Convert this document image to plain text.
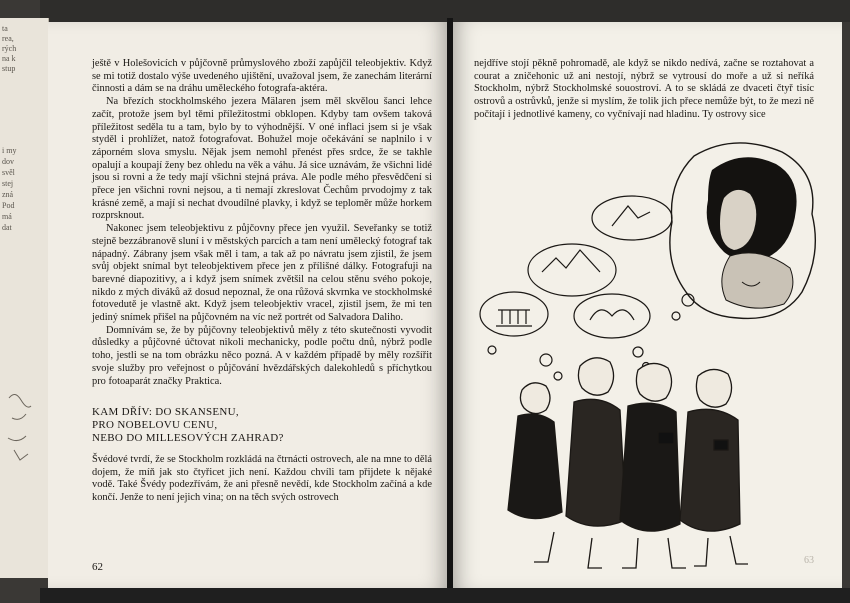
ta
rea,
rých
na k
stup
i my
dov
svěl
stej
zná
Pod
má
dat

ještě v Holešovicích v půjčovně průmyslového zboží zapůjčil teleobjektiv. Když se mi totiž dostalo výše uvedeného ujištění, uvažoval jsem, že zanechám literární činnosti a dám se na dráhu uměleckého fotografa-aktéra.

Na březích stockholmského jezera Mälaren jsem měl skvělou šanci lehce začít, protože jsem byl těmi příležitostmi obklopen. Kdyby tam ovšem taková příležitost seděla tu a tam, bylo by to výhodnější. V oné inflaci jsem si je však styděl i prohlížet, natož fotografovat. Bohužel moje očekávání se naplnilo i v záporném slova smyslu. Nějak jsem nemohl přenést přes srdce, že se takhle opalují a koupají ženy bez ohledu na věk a váhu. Já sice uznávám, že všichni lidé jsou si rovni a že tedy mají všichni stejná práva. Ale podle mého přesvědčení si přece jen všichni rovni nejsou, a ti nemají zkreslovat Čechům prvodojmy z tak krásné země, a mají si nechat dvoudílné plavky, i když se teploměr může horkem rozprsknout.

Nakonec jsem teleobjektivu z půjčovny přece jen využil. Seveřanky se totiž stejně bezzábranově sluní i v městských parcích a tam není umělecký fotograf tak nápadný. Zábrany jsem však měl i tam, a tak až po návratu jsem zjistil, že jsem svůj objekt snímal byt teleobjektivem přece jen z přílišné dálky. Fotografuji na barevné diapozitivy, a i když jsem snímek zvětšil na celou stěnu svého pokoje, nikdo z mých diváků až dosud nepoznal, že ona růžová skvrnka ve stockholmské fotovedutě je vlastně akt. Když jsem teleobjektiv vracel, zjistil jsem, že mi ten jediný snímek přišel na půjčovném na víc než portrét od Salvadora Daliho.

Domnívám se, že by půjčovny teleobjektivů měly z této skutečnosti vyvodit důsledky a půjčovné účtovat nikoli mechanicky, podle počtu dnů, nýbrž podle toho, jestli se na tom obrázku něco pozná. A v každém případě by měly rozšířit svoje služby pro veřejnost o půjčování hvězdářských dalekohledů s příchytkou pro fotoaparát značky Praktica.

KAM DŘÍV: DO SKANSENU,
PRO NOBELOVU CENU,
NEBO DO MILLESOVÝCH ZAHRAD?

Švédové tvrdí, že se Stockholm rozkládá na čtrnácti ostrovech, ale na mne to dělá dojem, že míň jak sto čtyřicet jich není. Každou chvíli tam přijdete k nějaké vodě. Také Švédy podezřívám, že ani přesně nevědí, kde Stockholm začíná a kde končí. Jenže to není jejich vina; on na těch svých ostrovech

62

nejdříve stojí pěkně pohromadě, ale když se nikdo nedívá, začne se roztahovat a courat a zničehonic už ani nestojí, nýbrž se vytrousí do moře a už si neříká Stockholm, nýbrž Stockholmské souostroví. A to se skládá ze dvaceti čtyř tisíc ostrovů a ostrůvků, jenže si myslím, že tolik jich přece nemůže být, to že mezi ně počítají i jednotlivé kameny, co vyčnívají nad hladinu. Ty ostrovy sice

63
